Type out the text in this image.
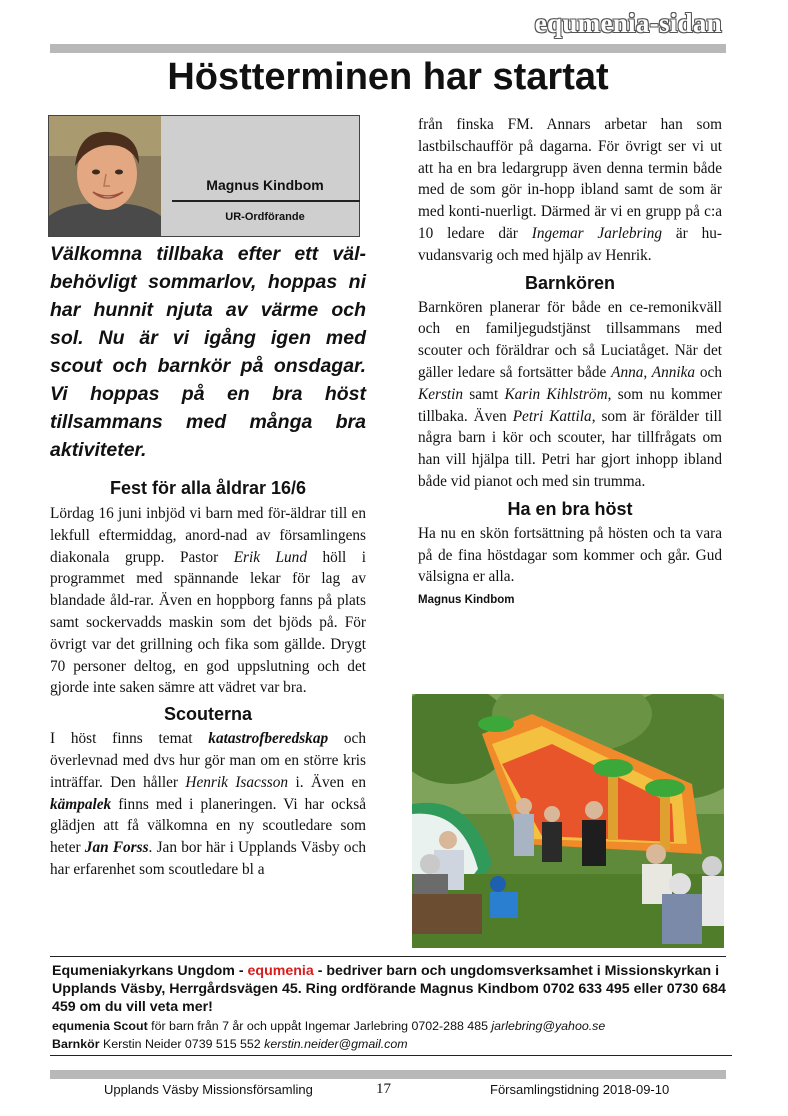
equmenia-sidan
Höstterminen har startat
Magnus Kindbom
UR-Ordförande
Välkomna tillbaka efter ett väl-behövligt sommarlov, hoppas ni har hunnit njuta av värme och sol. Nu är vi igång igen med scout och barnkör på onsdagar. Vi hoppas på en bra höst tillsammans med många bra aktiviteter.
Fest för alla åldrar 16/6
Lördag 16 juni inbjöd vi barn med för-äldrar till en lekfull eftermiddag, anord-nad av församlingens diakonala grupp. Pastor Erik Lund höll i programmet med spännande lekar för lag av blandade åld-rar. Även en hoppborg fanns på plats samt sockervadds maskin som det bjöds på. För övrigt var det grillning och fika som gällde. Drygt 70 personer deltog, en god uppslutning och det gjorde inte saken sämre att vädret var bra.
Scouterna
I höst finns temat katastrofberedskap och överlevnad med dvs hur gör man om en större kris inträffar. Den håller Henrik Isacsson i. Även en kämpalek finns med i planeringen. Vi har också glädjen att få välkomna en ny scoutledare som heter Jan Forss. Jan bor här i Upplands Väsby och har erfarenhet som scoutledare bl a
från finska FM. Annars arbetar han som lastbilschaufför på dagarna. För övrigt ser vi ut att ha en bra ledargrupp även denna termin både med de som gör in-hopp ibland samt de som är med konti-nuerligt. Därmed är vi en grupp på c:a 10 ledare där Ingemar Jarlebring är hu-vudansvarig och med hjälp av Henrik.
Barnkören
Barnkören planerar för både en ce-remonikväll och en familjegudstjänst tillsammans med scouter och föräldrar och så Luciatåget. När det gäller ledare så fortsätter både Anna, Annika och Kerstin samt Karin Kihlström, som nu kommer tillbaka. Även Petri Kattila, som är förälder till några barn i kör och scouter, har tillfrågats om han vill hjälpa till. Petri har gjort inhopp ibland både vid pianot och med sin trumma.
Ha en bra höst
Ha nu en skön fortsättning på hösten och ta vara på de fina höstdagar som kommer och går. Gud välsigna er alla.
Magnus Kindbom
Equmeniakyrkans Ungdom - equmenia - bedriver barn och ungdomsverksamhet i Missionskyrkan i Upplands Väsby, Herrgårdsvägen 45. Ring ordförande Magnus Kindbom 0702 633 495 eller 0730 684 459 om du vill veta mer!
equmenia Scout för barn från 7 år och uppåt Ingemar Jarlebring 0702-288 485 jarlebring@yahoo.se
Barnkör Kerstin Neider 0739 515 552 kerstin.neider@gmail.com
Upplands Väsby Missionsförsamling	17	Församlingstidning 2018-09-10
